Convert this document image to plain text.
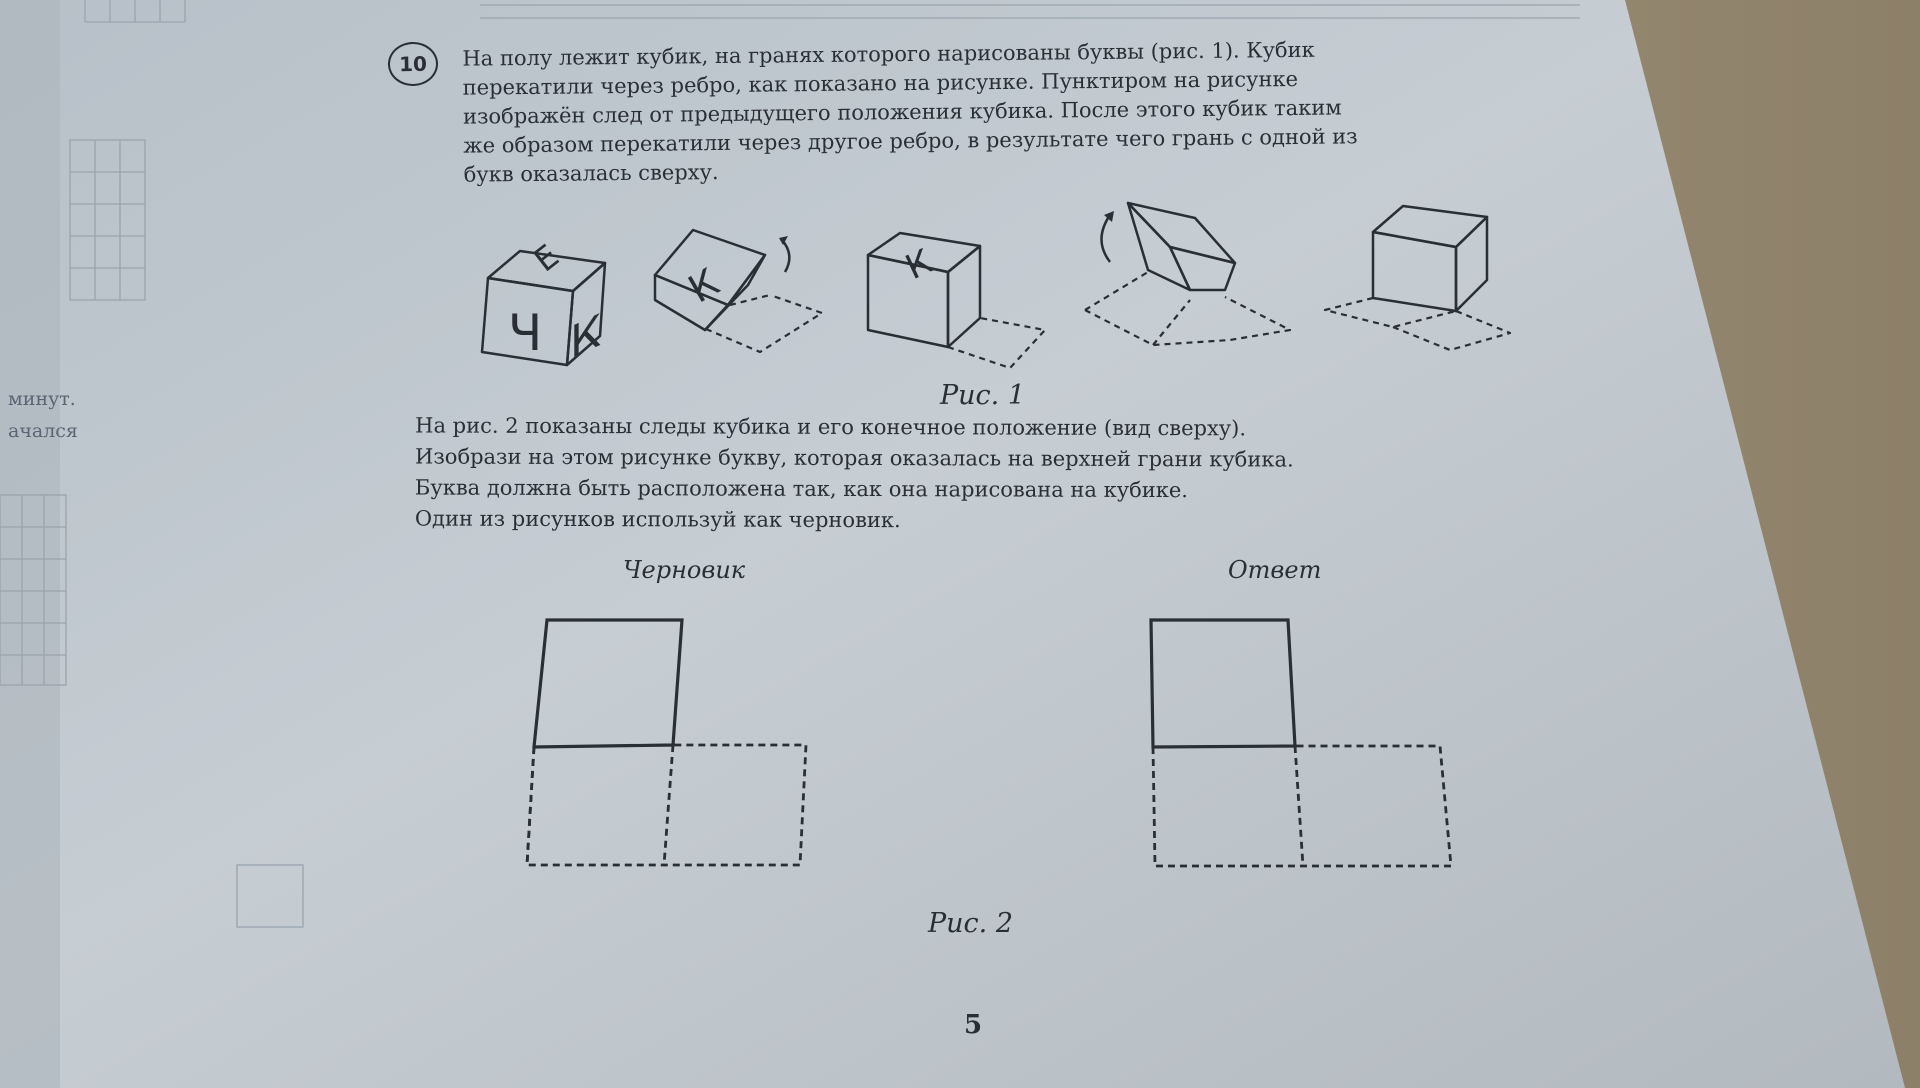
10 На полу лежит кубик, на гранях которого нарисованы буквы (рис. 1). Кубик
перекатили через ребро, как показано на рисунке. Пунктиром на рисунке
изображён след от предыдущего положения кубика. После этого кубик таким
же образом перекатили через другое ребро, в результате чего грань с одной из
букв оказалась сверху.
Е
Ч К
К	К
Рис. 1
На рис. 2 показаны следы кубика и его конечное положение (вид сверху).
Изобрази на этом рисунке букву, которая оказалась на верхней грани кубика.
Буква должна быть расположена так, как она нарисована на кубике.
Один из рисунков используй как черновик.
Черновик	Ответ
Рис. 2
5
минут.
ачался
